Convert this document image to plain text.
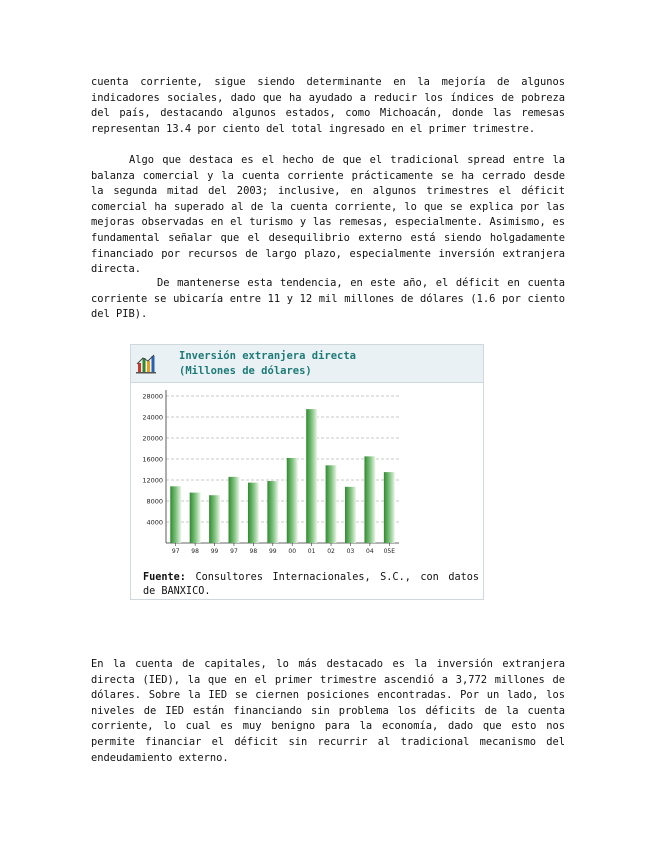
cuenta corriente, sigue siendo determinante en la mejoría de algunos indicadores sociales, dado que ha ayudado a reducir los índices de pobreza del país, destacando algunos estados, como Michoacán, donde las remesas representan 13.4 por ciento del total ingresado en el primer trimestre.

Algo que destaca es el hecho de que el tradicional spread entre la balanza comercial y la cuenta corriente prácticamente se ha cerrado desde la segunda mitad del 2003; inclusive, en algunos trimestres el déficit comercial ha superado al de la cuenta corriente, lo que se explica por las mejoras observadas en el turismo y las remesas, especialmente. Asimismo, es fundamental señalar que el desequilibrio externo está siendo holgadamente financiado por recursos de largo plazo, especialmente inversión extranjera directa.

De mantenerse esta tendencia, en este año, el déficit en cuenta corriente se ubicaría entre 11 y 12 mil millones de dólares (1.6 por ciento del PIB).

Inversión extranjera directa
(Millones de dólares)
4000
8000
12000
16000
20000
24000
28000
97 98 99 97 98 99 00 01 02 03 04 05E
Fuente: Consultores Internacionales, S.C., con datos de BANXICO.

En la cuenta de capitales, lo más destacado es la inversión extranjera directa (IED), la que en el primer trimestre ascendió a 3,772 millones de dólares. Sobre la IED se ciernen posiciones encontradas. Por un lado, los niveles de IED están financiando sin problema los déficits de la cuenta corriente, lo cual es muy benigno para la economía, dado que esto nos permite financiar el déficit sin recurrir al tradicional mecanismo del endeudamiento externo.
